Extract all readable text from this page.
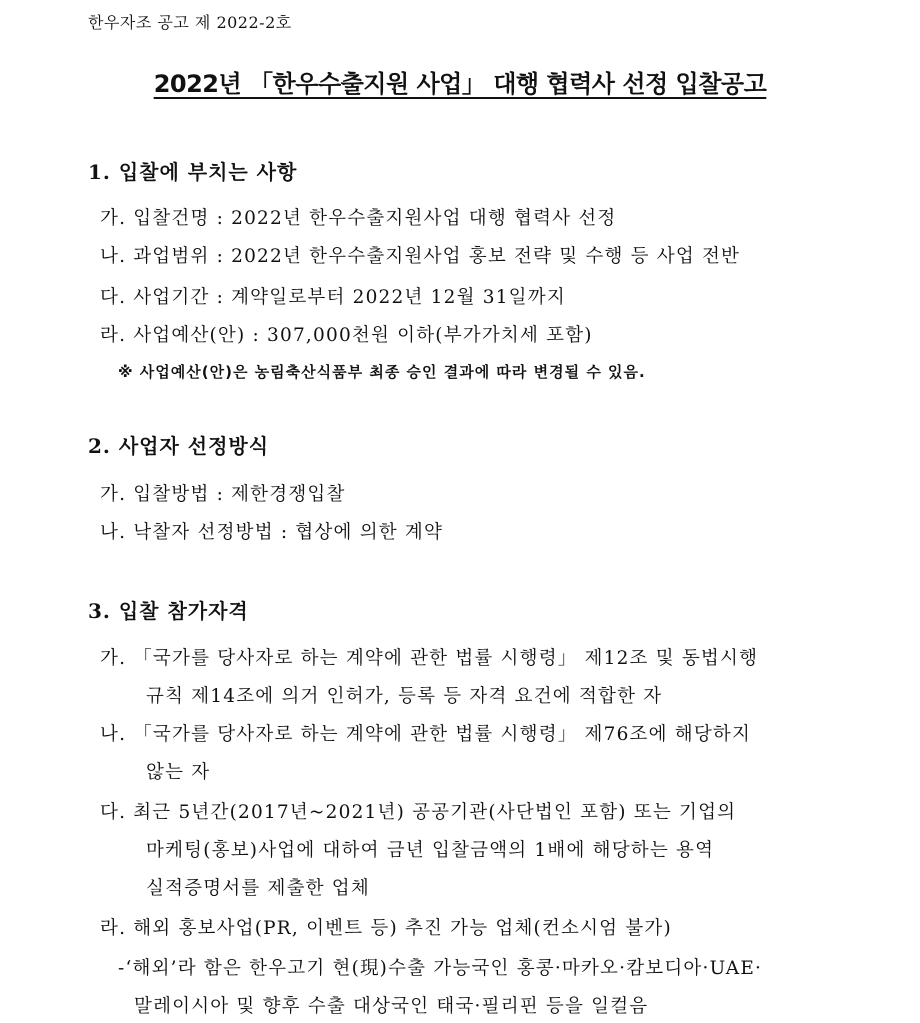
한우자조 공고 제 2022-2호
2022년 「한우수출지원 사업」 대행 협력사 선정 입찰공고
1. 입찰에 부치는 사항
가. 입찰건명 : 2022년 한우수출지원사업 대행 협력사 선정
나. 과업범위 : 2022년 한우수출지원사업 홍보 전략 및 수행 등 사업 전반
다. 사업기간 : 계약일로부터 2022년 12월 31일까지
라. 사업예산(안) : 307,000천원 이하(부가가치세 포함)
※ 사업예산(안)은 농림축산식품부 최종 승인 결과에 따라 변경될 수 있음.
2. 사업자 선정방식
가. 입찰방법 : 제한경쟁입찰
나. 낙찰자 선정방법 : 협상에 의한 계약
3. 입찰 참가자격
가. 「국가를 당사자로 하는 계약에 관한 법률 시행령」 제12조 및 동법시행
규칙 제14조에 의거 인허가, 등록 등 자격 요건에 적합한 자
나. 「국가를 당사자로 하는 계약에 관한 법률 시행령」 제76조에 해당하지
않는 자
다. 최근 5년간(2017년~2021년) 공공기관(사단법인 포함) 또는 기업의
마케팅(홍보)사업에 대하여 금년 입찰금액의 1배에 해당하는 용역
실적증명서를 제출한 업체
라. 해외 홍보사업(PR, 이벤트 등) 추진 가능 업체(컨소시엄 불가)
-‘해외’라 함은 한우고기 현(現)수출 가능국인 홍콩·마카오·캄보디아·UAE·
말레이시아 및 향후 수출 대상국인 태국·필리핀 등을 일컬음
